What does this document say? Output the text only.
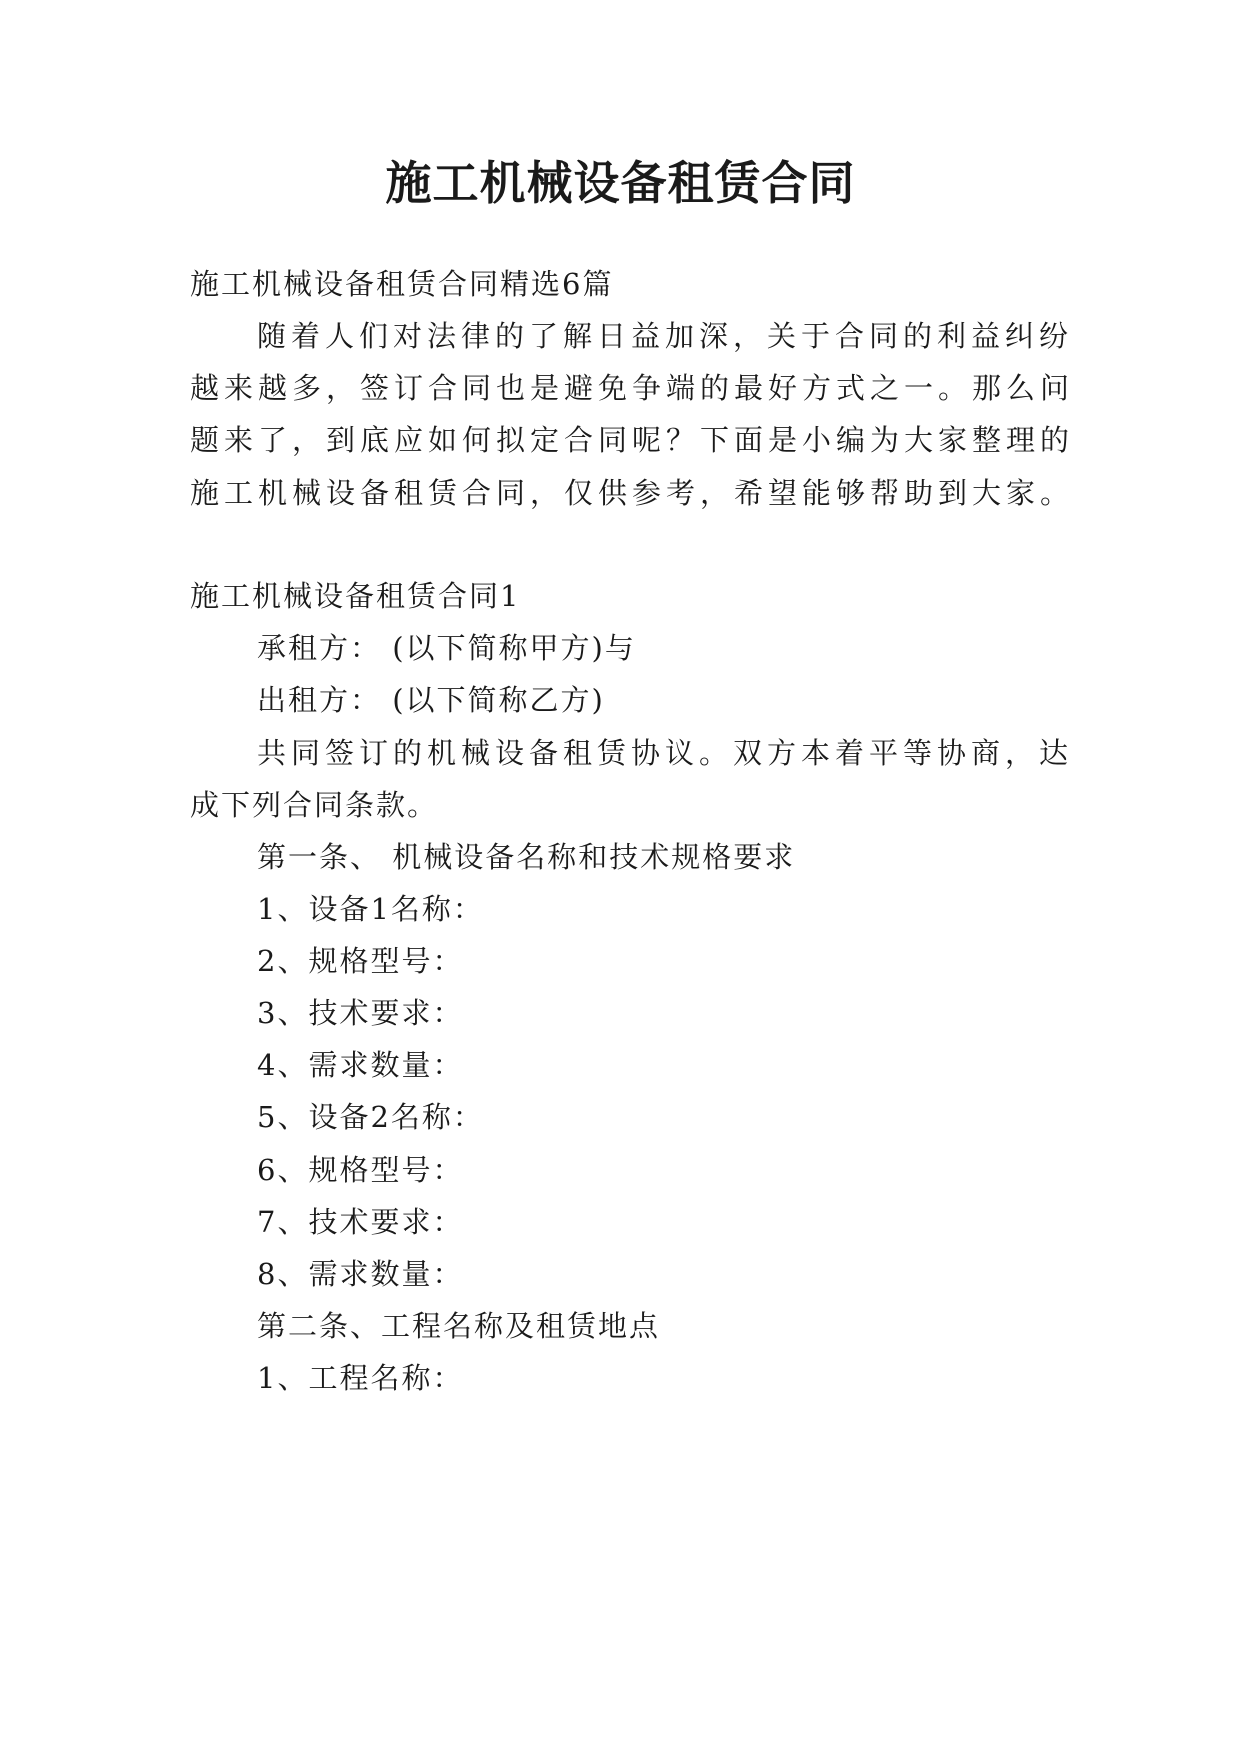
施工机械设备租赁合同
施工机械设备租赁合同精选6篇
随着人们对法律的了解日益加深，关于合同的利益纠纷
越来越多，签订合同也是避免争端的最好方式之一。那么问
题来了，到底应如何拟定合同呢？下面是小编为大家整理的
施工机械设备租赁合同，仅供参考，希望能够帮助到大家。
施工机械设备租赁合同1
承租方： (以下简称甲方)与
出租方： (以下简称乙方)
共同签订的机械设备租赁协议。双方本着平等协商，达
成下列合同条款。
第一条、 机械设备名称和技术规格要求
1、设备1名称：
2、规格型号：
3、技术要求：
4、需求数量：
5、设备2名称：
6、规格型号：
7、技术要求：
8、需求数量：
第二条、工程名称及租赁地点
1、工程名称：
